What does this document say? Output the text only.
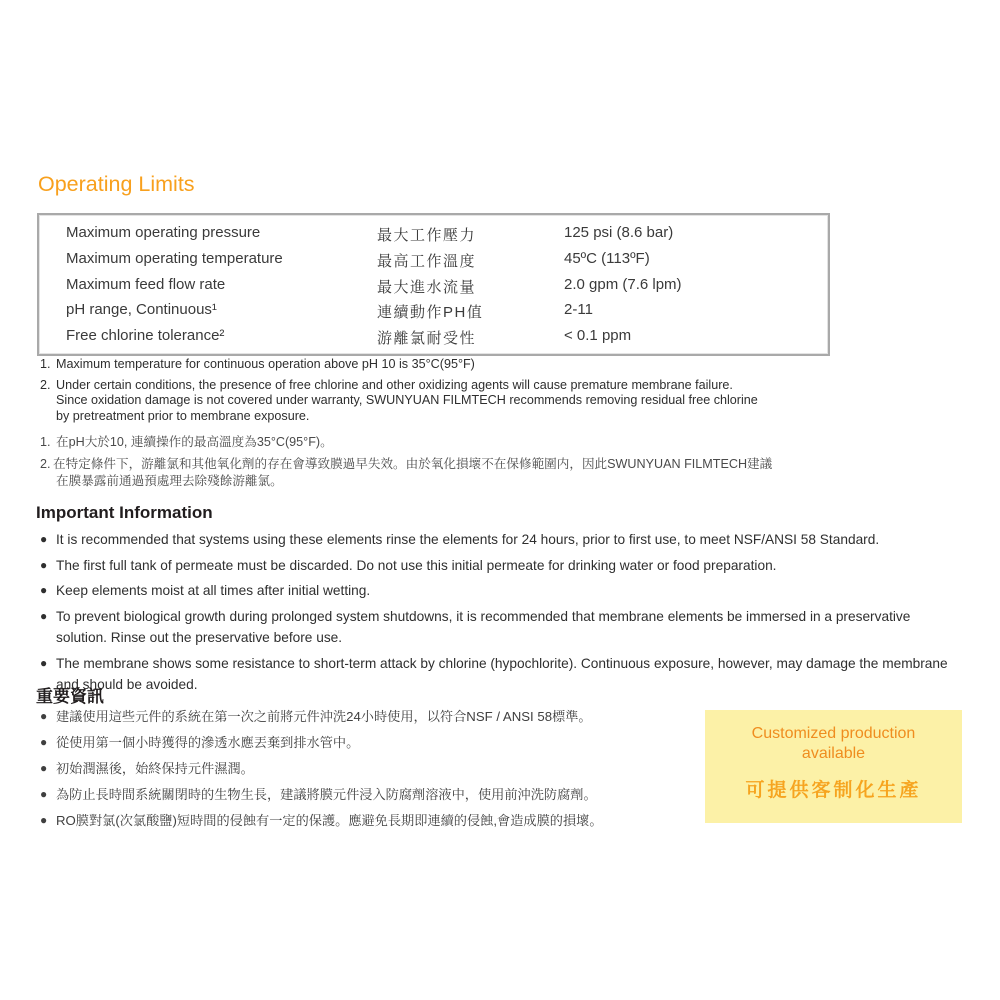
Operating Limits
Maximum operating pressure	最大工作壓力	125 psi (8.6 bar)
Maximum operating temperature	最高工作溫度	45ºC (113ºF)
Maximum feed flow rate	最大進水流量	2.0 gpm (7.6 lpm)
pH range, Continuous¹	連續動作PH值	2-11
Free chlorine tolerance²	游離氯耐受性	< 0.1 ppm
1. Maximum temperature for continuous operation above pH 10 is 35°C(95°F)
2. Under certain conditions, the presence of free chlorine and other oxidizing agents will cause premature membrane failure.
Since oxidation damage is not covered under warranty, SWUNYUAN FILMTECH recommends removing residual free chlorine
by pretreatment prior to membrane exposure.
1. 在pH大於10, 連續操作的最高溫度為35°C(95°F)。
2. 在特定條件下，游離氯和其他氧化劑的存在會導致膜過早失效。由於氧化損壞不在保修範圍内，因此SWUNYUAN FILMTECH建議
在膜暴露前通過預處理去除殘餘游離氯。
Important Information
● It is recommended that systems using these elements rinse the elements for 24 hours, prior to first use, to meet NSF/ANSI 58 Standard.
● The first full tank of permeate must be discarded. Do not use this initial permeate for drinking water or food preparation.
● Keep elements moist at all times after initial wetting.
● To prevent biological growth during prolonged system shutdowns, it is recommended that membrane elements be immersed in a preservative solution. Rinse out the preservative before use.
● The membrane shows some resistance to short-term attack by chlorine (hypochlorite). Continuous exposure, however, may damage the membrane and should be avoided.
重要資訊
● 建議使用這些元件的系統在第一次之前將元件沖洗24小時使用，以符合NSF / ANSI 58標準。
● 從使用第一個小時獲得的滲透水應丟棄到排水管中。
● 初始潤濕後，始終保持元件濕潤。
● 為防止長時間系統關閉時的生物生長，建議將膜元件浸入防腐劑溶液中，使用前沖洗防腐劑。
● RO膜對氯(次氯酸鹽)短時間的侵蝕有一定的保護。應避免長期即連續的侵蝕,會造成膜的損壞。
Customized production
available
可提供客制化生產
